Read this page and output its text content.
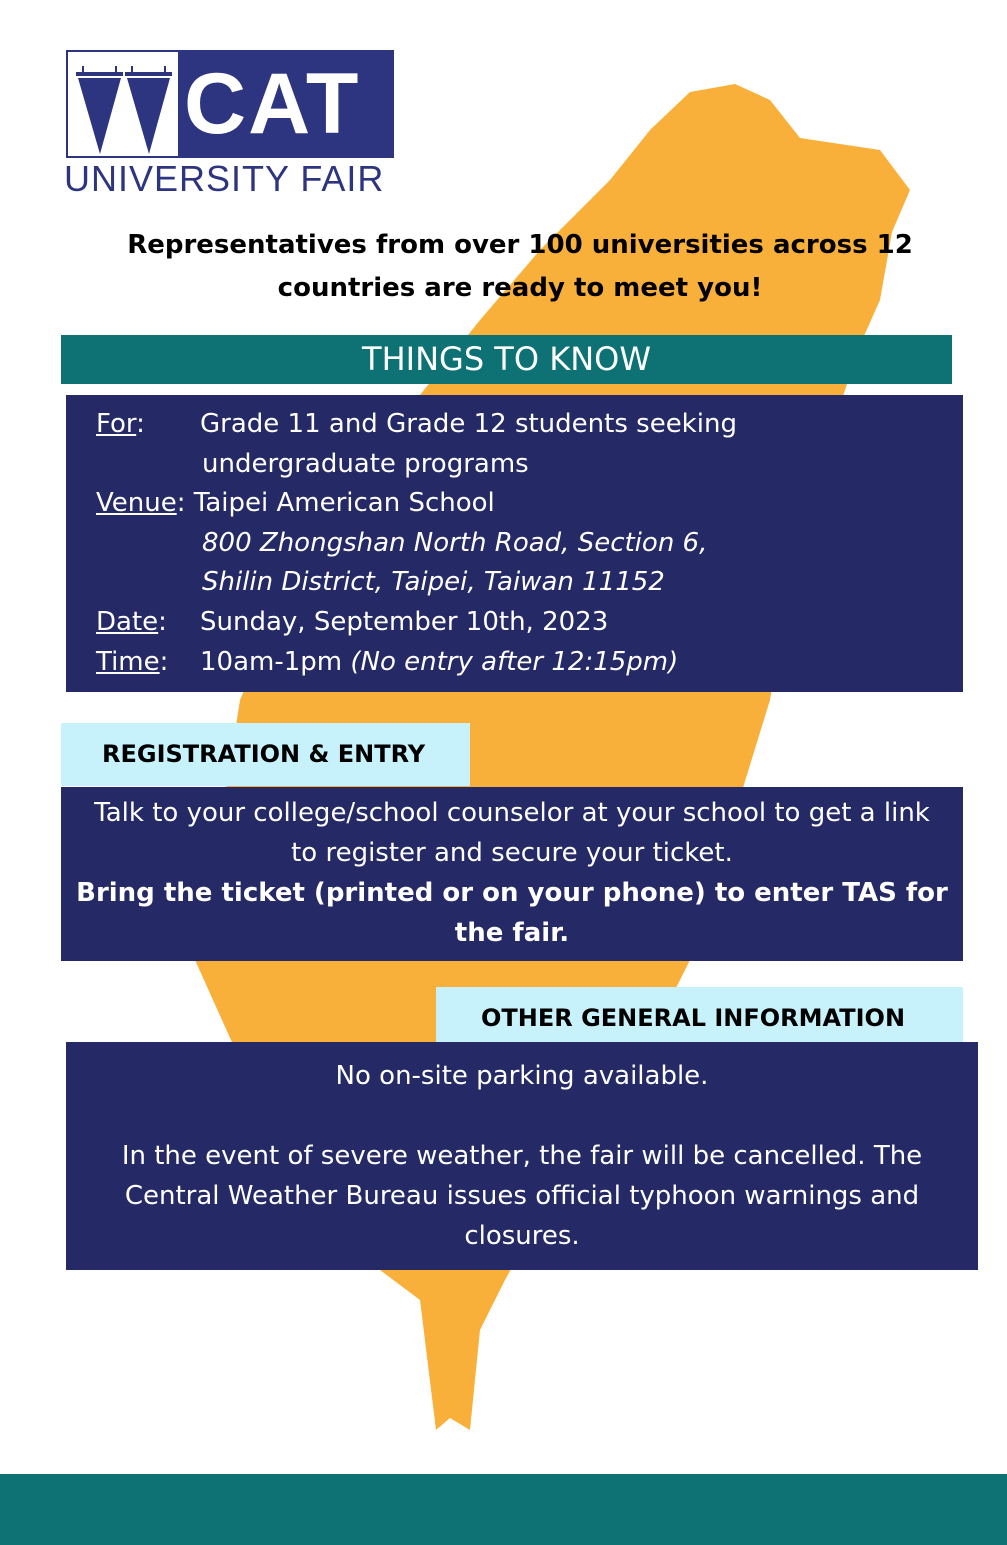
CAT
UNIVERSITY FAIR
Representatives from over 100 universities across 12 countries are ready to meet you!
THINGS TO KNOW
For: Grade 11 and Grade 12 students seeking
undergraduate programs
Venue: Taipei American School
800 Zhongshan North Road, Section 6,
Shilin District, Taipei, Taiwan 11152
Date: Sunday, September 10th, 2023
Time: 10am-1pm (No entry after 12:15pm)
REGISTRATION & ENTRY
Talk to your college/school counselor at your school to get a link to register and secure your ticket.
Bring the ticket (printed or on your phone) to enter TAS for the fair.
OTHER GENERAL INFORMATION
No on-site parking available.
In the event of severe weather, the fair will be cancelled. The Central Weather Bureau issues official typhoon warnings and closures.
